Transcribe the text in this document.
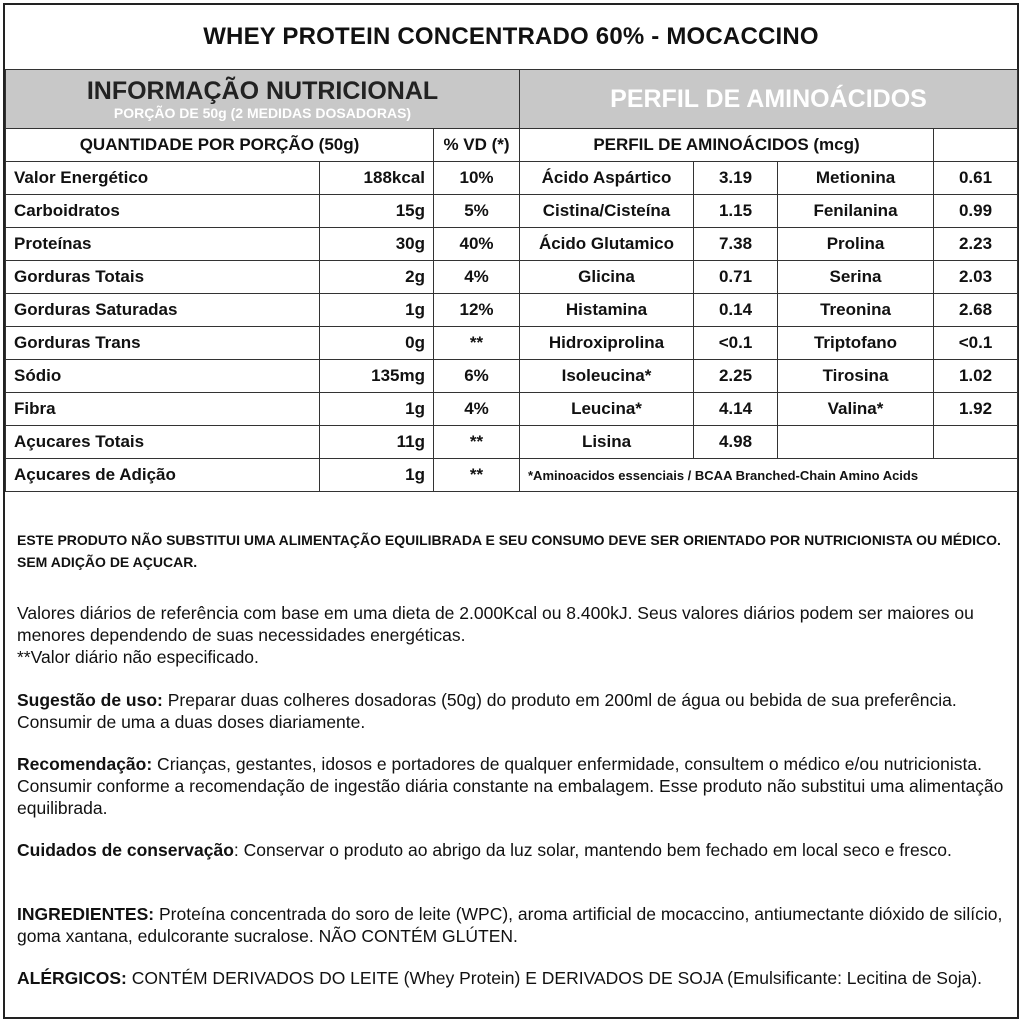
WHEY PROTEIN CONCENTRADO 60% - MOCACCINO
INFORMAÇÃO NUTRICIONAL
PORÇÃO DE 50g (2 MEDIDAS DOSADORAS)			PERFIL DE AMINOÁCIDOS			
QUANTIDADE POR PORÇÃO (50g)		% VD (*)	PERFIL DE AMINOÁCIDOS (mcg)			
Valor Energético	188kcal	10%	Ácido Aspártico	3.19	Metionina	0.61
Carboidratos	15g	5%	Cistina/Cisteína	1.15	Fenilanina	0.99
Proteínas	30g	40%	Ácido Glutamico	7.38	Prolina	2.23
Gorduras Totais	2g	4%	Glicina	0.71	Serina	2.03
Gorduras Saturadas	1g	12%	Histamina	0.14	Treonina	2.68
Gorduras Trans	0g	**	Hidroxiprolina	<0.1	Triptofano	<0.1
Sódio	135mg	6%	Isoleucina*	2.25	Tirosina	1.02
Fibra	1g	4%	Leucina*	4.14	Valina*	1.92
Açucares Totais	11g	**	Lisina	4.98		
Açucares de Adição	1g	**	*Aminoacidos essenciais / BCAA Branched-Chain Amino Acids			
ESTE PRODUTO NÃO SUBSTITUI UMA ALIMENTAÇÃO EQUILIBRADA E SEU CONSUMO DEVE SER ORIENTADO POR NUTRICIONISTA OU MÉDICO. SEM ADIÇÃO DE AÇUCAR.
Valores diários de referência com base em uma dieta de 2.000Kcal ou 8.400kJ. Seus valores diários podem ser maiores ou menores dependendo de suas necessidades energéticas.
**Valor diário não especificado.
Sugestão de uso: Preparar duas colheres dosadoras (50g) do produto em 200ml de água ou bebida de sua preferência. Consumir de uma a duas doses diariamente.
Recomendação: Crianças, gestantes, idosos e portadores de qualquer enfermidade, consultem o médico e/ou nutricionista. Consumir conforme a recomendação de ingestão diária constante na embalagem. Esse produto não substitui uma alimentação equilibrada.
Cuidados de conservação: Conservar o produto ao abrigo da luz solar, mantendo bem fechado em local seco e fresco.
INGREDIENTES: Proteína concentrada do soro de leite (WPC), aroma artificial de mocaccino, antiumectante dióxido de silício, goma xantana, edulcorante sucralose. NÃO CONTÉM GLÚTEN.
ALÉRGICOS: CONTÉM DERIVADOS DO LEITE (Whey Protein) E DERIVADOS DE SOJA (Emulsificante: Lecitina de Soja).
